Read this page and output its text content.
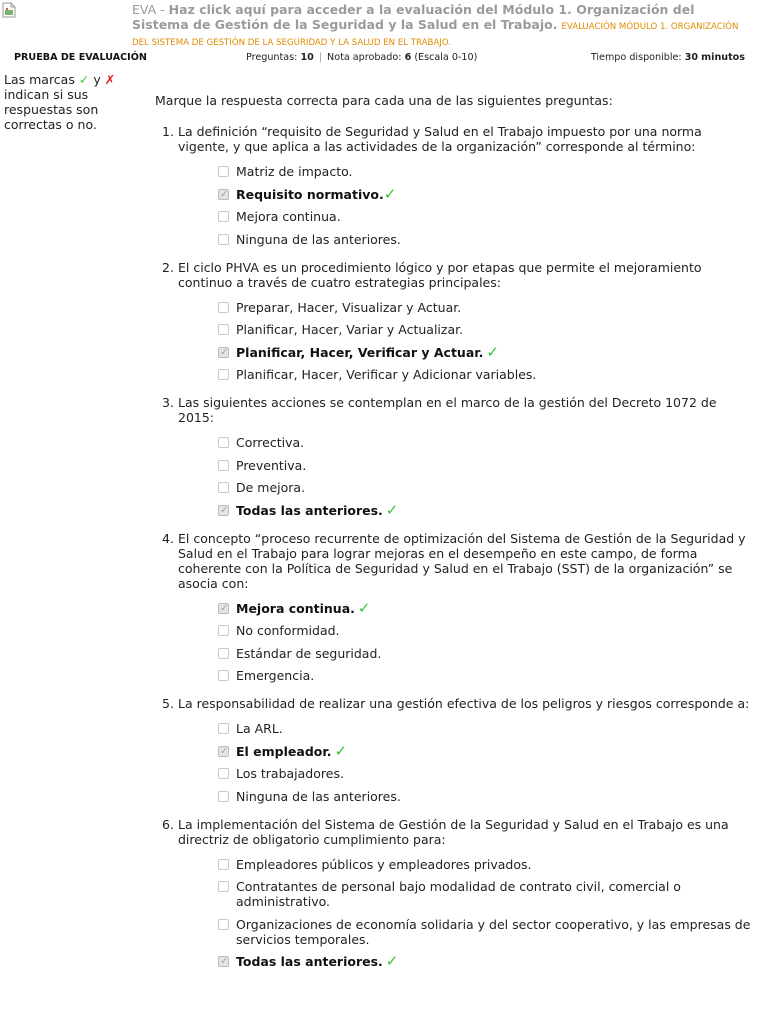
EVA - Haz click aquí para acceder a la evaluación del Módulo 1. Organización del Sistema de Gestión de la Seguridad y la Salud en el Trabajo. EVALUACIÓN MÓDULO 1. ORGANIZACIÓN DEL SISTEMA DE GESTIÓN DE LA SEGURIDAD Y LA SALUD EN EL TRABAJO.
PRUEBA DE EVALUACIÓN	Preguntas: 10 | Nota aprobado: 6 (Escala 0-10)	Tiempo disponible: 30 minutos
Las marcas ✓ y ✗ indican si sus respuestas son correctas o no.

Marque la respuesta correcta para cada una de las siguientes preguntas:

1. La definición “requisito de Seguridad y Salud en el Trabajo impuesto por una norma vigente, y que aplica a las actividades de la organización” corresponde al término:
Matriz de impacto.
✓
Requisito normativo.✓
Mejora continua.
Ninguna de las anteriores.
2. El ciclo PHVA es un procedimiento lógico y por etapas que permite el mejoramiento continuo a través de cuatro estrategias principales:
Preparar, Hacer, Visualizar y Actuar.
Planificar, Hacer, Variar y Actualizar.
✓
Planificar, Hacer, Verificar y Actuar. ✓
Planificar, Hacer, Verificar y Adicionar variables.
3. Las siguientes acciones se contemplan en el marco de la gestión del Decreto 1072 de 2015:
Correctiva.
Preventiva.
De mejora.
✓
Todas las anteriores. ✓
4. El concepto “proceso recurrente de optimización del Sistema de Gestión de la Seguridad y Salud en el Trabajo para lograr mejoras en el desempeño en este campo, de forma coherente con la Política de Seguridad y Salud en el Trabajo (SST) de la organización” se asocia con:
✓
Mejora continua. ✓
No conformidad.
Estándar de seguridad.
Emergencia.
5. La responsabilidad de realizar una gestión efectiva de los peligros y riesgos corresponde a:
La ARL.
✓
El empleador. ✓
Los trabajadores.
Ninguna de las anteriores.
6. La implementación del Sistema de Gestión de la Seguridad y Salud en el Trabajo es una directriz de obligatorio cumplimiento para:
Empleadores públicos y empleadores privados.
Contratantes de personal bajo modalidad de contrato civil, comercial o administrativo.
Organizaciones de economía solidaria y del sector cooperativo, y las empresas de servicios temporales.
✓
Todas las anteriores. ✓
